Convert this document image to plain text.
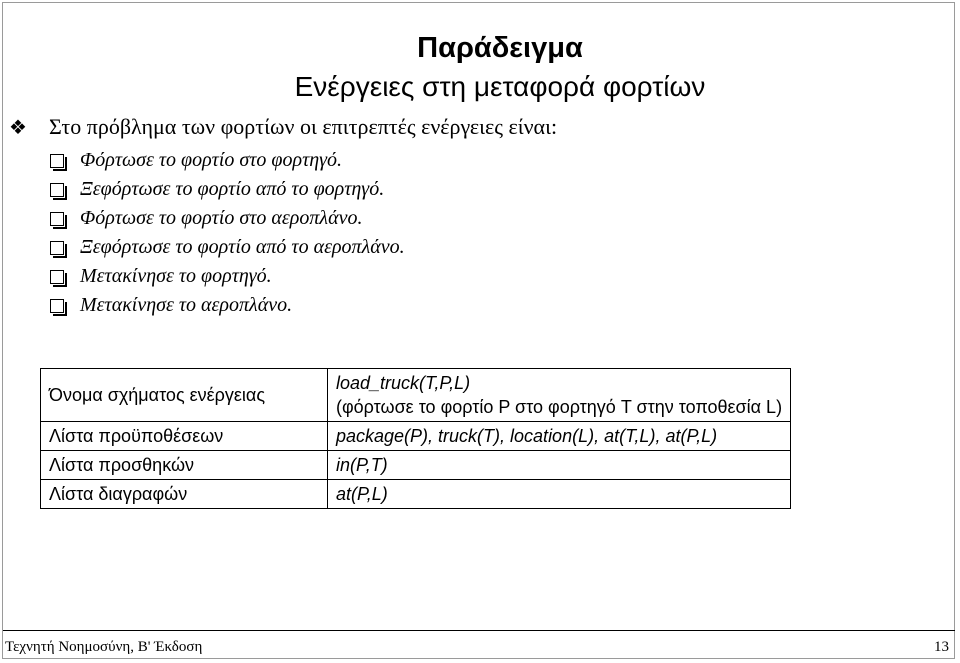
Παράδειγμα
Ενέργειες στη μεταφορά φορτίων
❖	Στο πρόβλημα των φορτίων οι επιτρεπτές ενέργειες είναι:
Φόρτωσε το φορτίο στο φορτηγό.
Ξεφόρτωσε το φορτίο από το φορτηγό.
Φόρτωσε το φορτίο στο αεροπλάνο.
Ξεφόρτωσε το φορτίο από το αεροπλάνο.
Μετακίνησε το φορτηγό.
Μετακίνησε το αεροπλάνο.
Όνομα σχήματος ενέργειας	load_truck(T,P,L)
(φόρτωσε το φορτίο P στο φορτηγό T στην τοποθεσία L)

Λίστα προϋποθέσεων	package(P), truck(T), location(L), at(T,L), at(P,L)
Λίστα προσθηκών	in(P,T)
Λίστα διαγραφών	at(P,L)
Τεχνητή Νοημοσύνη, Β' Έκδοση	13
